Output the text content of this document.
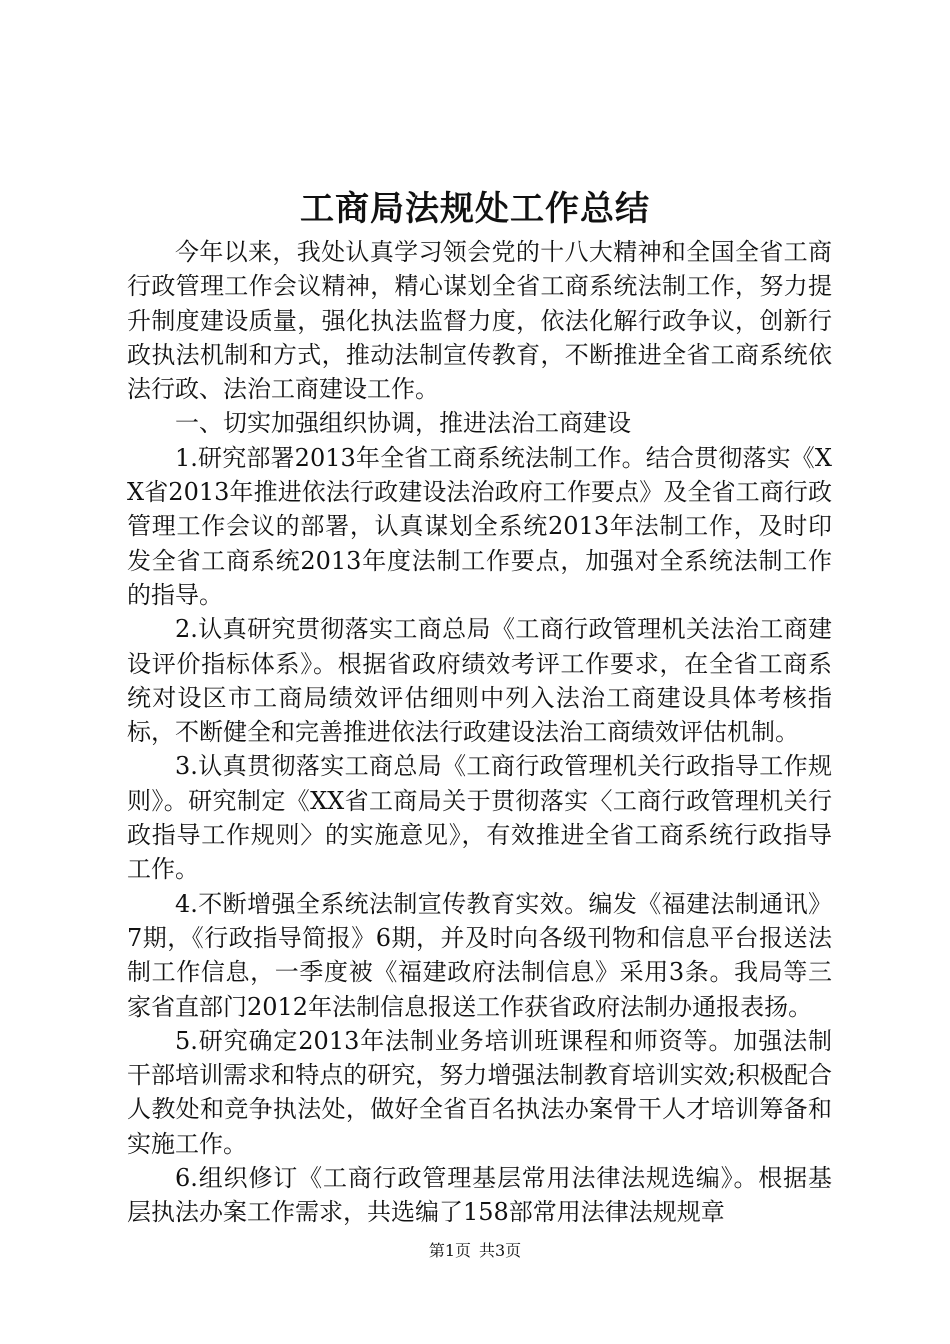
工商局法规处工作总结

今年以来，我处认真学习领会党的十八大精神和全国全省工商行政管理工作会议精神，精心谋划全省工商系统法制工作，努力提升制度建设质量，强化执法监督力度，依法化解行政争议，创新行政执法机制和方式，推动法制宣传教育，不断推进全省工商系统依法行政、法治工商建设工作。

一、切实加强组织协调，推进法治工商建设

1.研究部署2013年全省工商系统法制工作。结合贯彻落实《XX省2013年推进依法行政建设法治政府工作要点》及全省工商行政管理工作会议的部署，认真谋划全系统2013年法制工作，及时印发全省工商系统2013年度法制工作要点，加强对全系统法制工作的指导。

2.认真研究贯彻落实工商总局《工商行政管理机关法治工商建设评价指标体系》。根据省政府绩效考评工作要求，在全省工商系统对设区市工商局绩效评估细则中列入法治工商建设具体考核指标，不断健全和完善推进依法行政建设法治工商绩效评估机制。

3.认真贯彻落实工商总局《工商行政管理机关行政指导工作规则》。研究制定《XX省工商局关于贯彻落实〈工商行政管理机关行政指导工作规则〉的实施意见》，有效推进全省工商系统行政指导工作。

4.不断增强全系统法制宣传教育实效。编发《福建法制通讯》7期，《行政指导简报》6期，并及时向各级刊物和信息平台报送法制工作信息，一季度被《福建政府法制信息》采用3条。我局等三家省直部门2012年法制信息报送工作获省政府法制办通报表扬。

5.研究确定2013年法制业务培训班课程和师资等。加强法制干部培训需求和特点的研究，努力增强法制教育培训实效;积极配合人教处和竞争执法处，做好全省百名执法办案骨干人才培训筹备和实施工作。

6.组织修订《工商行政管理基层常用法律法规选编》。根据基层执法办案工作需求，共选编了158部常用法律法规规章

第1页 共3页
